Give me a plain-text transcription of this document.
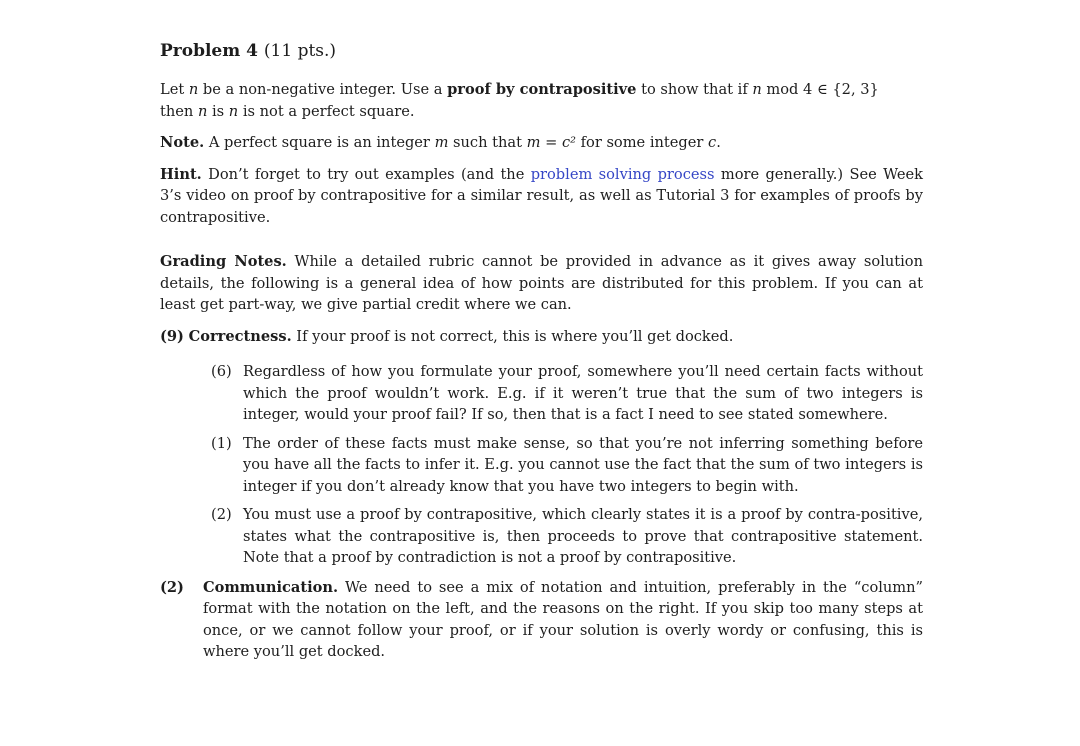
Problem 4 (11 pts.)

Let n be a non-negative integer. Use a proof by contrapositive to show that if n mod 4 ∈ {2, 3}
then n is n is not a perfect square.

Note. A perfect square is an integer m such that m = c² for some integer c.

Hint. Don’t forget to try out examples (and the problem solving process more generally.) See Week 3’s video on proof by contrapositive for a similar result, as well as Tutorial 3 for examples of proofs by contrapositive.

Grading Notes. While a detailed rubric cannot be provided in advance as it gives away solution details, the following is a general idea of how points are distributed for this problem. If you can at least get part-way, we give partial credit where we can.

(9) Correctness. If your proof is not correct, this is where you’ll get docked.

(6) Regardless of how you formulate your proof, somewhere you’ll need certain facts without which the proof wouldn’t work. E.g. if it weren’t true that the sum of two integers is integer, would your proof fail? If so, then that is a fact I need to see stated somewhere.

(1) The order of these facts must make sense, so that you’re not inferring something before you have all the facts to infer it. E.g. you cannot use the fact that the sum of two integers is integer if you don’t already know that you have two integers to begin with.

(2) You must use a proof by contrapositive, which clearly states it is a proof by contra-positive, states what the contrapositive is, then proceeds to prove that contrapositive statement. Note that a proof by contradiction is not a proof by contrapositive.

(2) Communication. We need to see a mix of notation and intuition, preferably in the “column” format with the notation on the left, and the reasons on the right. If you skip too many steps at once, or we cannot follow your proof, or if your solution is overly wordy or confusing, this is where you’ll get docked.
